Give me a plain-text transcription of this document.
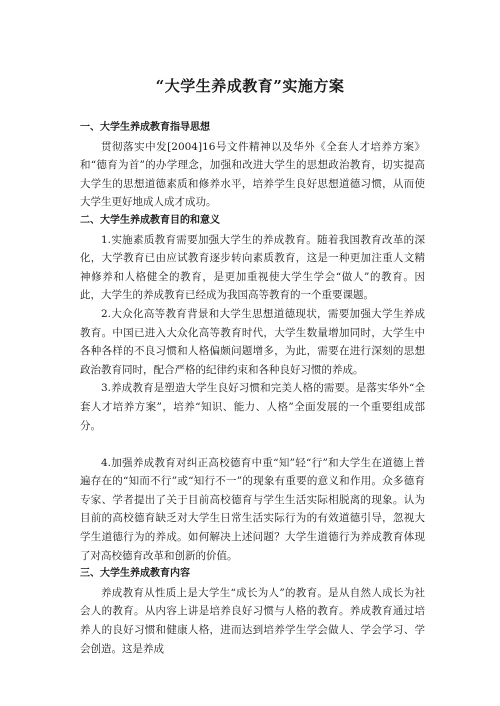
“大学生养成教育”实施方案
一、大学生养成教育指导思想

贯彻落实中发[2004]16号文件精神以及华外《全套人才培养方案》和“德育为首”的办学理念，加强和改进大学生的思想政治教育，切实提高大学生的思想道德素质和修养水平，培养学生良好思想道德习惯，从而使大学生更好地成人成才成功。

二、大学生养成教育目的和意义

1.实施素质教育需要加强大学生的养成教育。随着我国教育改革的深化，大学教育已由应试教育逐步转向素质教育，这是一种更加注重人文精神修养和人格健全的教育，是更加重视使大学生学会“做人”的教育。因此，大学生的养成教育已经成为我国高等教育的一个重要课题。

2.大众化高等教育背景和大学生思想道德现状，需要加强大学生养成教育。中国已进入大众化高等教育时代，大学生数量增加同时，大学生中各种各样的不良习惯和人格偏颇问题增多，为此，需要在进行深刻的思想政治教育同时，配合严格的纪律约束和各种良好习惯的养成。

3.养成教育是塑造大学生良好习惯和完美人格的需要。是落实华外“全套人才培养方案”，培养“知识、能力、人格”全面发展的一个重要组成部分。

4.加强养成教育对纠正高校德育中重“知”轻“行”和大学生在道德上普遍存在的“知而不行”或“知行不一”的现象有重要的意义和作用。众多德育专家、学者提出了关于目前高校德育与学生生活实际相脱离的现象。认为目前的高校德育缺乏对大学生日常生活实际行为的有效道德引导，忽视大学生道德行为的养成。如何解决上述问题？大学生道德行为养成教育体现了对高校德育改革和创新的价值。

三、大学生养成教育内容

养成教育从性质上是大学生“成长为人”的教育。是从自然人成长为社会人的教育。从内容上讲是培养良好习惯与人格的教育。养成教育通过培养人的良好习惯和健康人格，进而达到培养学生学会做人、学会学习、学会创造。这是养成
